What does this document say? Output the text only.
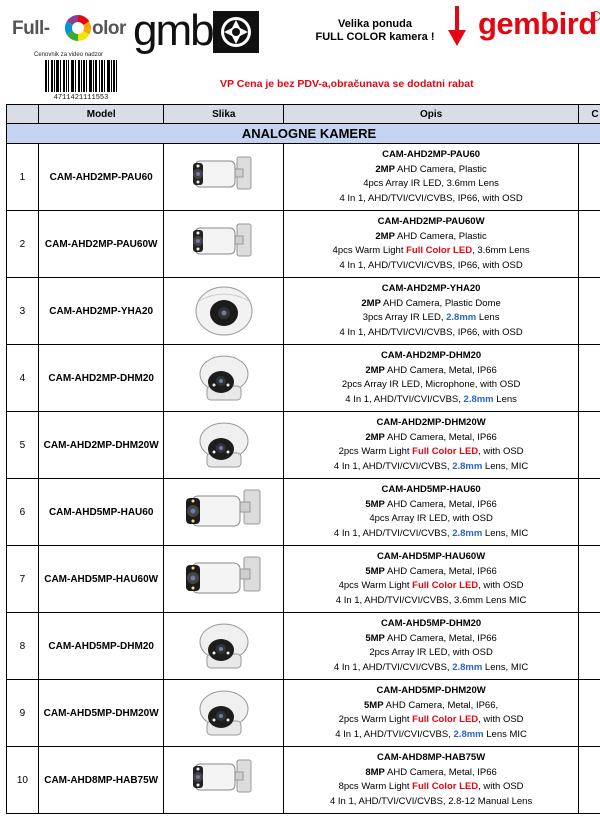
Full- olor
Cenovnik za video nadzor
4711421111553
gmb	Velika ponuda
FULL COLOR kamera !	gembird
VP Cena je bez PDV-a,obračunava se dodatni rabat
Model	Slika	Opis	C
ANALOGNE KAMERE
1	CAM-AHD2MP-PAU60
CAM-AHD2MP-PAU60
2MP AHD Camera, Plastic
4pcs Array IR LED, 3.6mm Lens
4 In 1, AHD/TVI/CVI/CVBS, IP66, with OSD
2	CAM-AHD2MP-PAU60W
CAM-AHD2MP-PAU60W
2MP AHD Camera, Plastic
4pcs Warm Light Full Color LED, 3.6mm Lens
4 In 1, AHD/TVI/CVI/CVBS, IP66, with OSD
3	CAM-AHD2MP-YHA20
CAM-AHD2MP-YHA20
2MP AHD Camera, Plastic Dome
3pcs Array IR LED, 2.8mm Lens
4 In 1, AHD/TVI/CVI/CVBS, IP66, with OSD
4	CAM-AHD2MP-DHM20
CAM-AHD2MP-DHM20
2MP AHD Camera, Metal, IP66
2pcs Array IR LED, Microphone, with OSD
4 In 1, AHD/TVI/CVI/CVBS, 2.8mm Lens
5	CAM-AHD2MP-DHM20W
CAM-AHD2MP-DHM20W
2MP AHD Camera, Metal, IP66
2pcs Warm Light Full Color LED, with OSD
4 In 1, AHD/TVI/CVI/CVBS, 2.8mm Lens, MIC
6	CAM-AHD5MP-HAU60
CAM-AHD5MP-HAU60
5MP AHD Camera, Metal, IP66
4pcs Array IR LED, with OSD
4 In 1, AHD/TVI/CVI/CVBS, 2.8mm Lens, MIC
7	CAM-AHD5MP-HAU60W
CAM-AHD5MP-HAU60W
5MP AHD Camera, Metal, IP66
4pcs Warm Light Full Color LED, with OSD
4 In 1, AHD/TVI/CVI/CVBS, 3.6mm Lens MIC
8	CAM-AHD5MP-DHM20
CAM-AHD5MP-DHM20
5MP AHD Camera, Metal, IP66
2pcs Array IR LED, with OSD
4 In 1, AHD/TVI/CVI/CVBS, 2.8mm Lens, MIC
9	CAM-AHD5MP-DHM20W
CAM-AHD5MP-DHM20W
5MP AHD Camera, Metal, IP66,
2pcs Warm Light Full Color LED, with OSD
4 In 1, AHD/TVI/CVI/CVBS, 2.8mm Lens MIC
10	CAM-AHD8MP-HAB75W
CAM-AHD8MP-HAB75W
8MP AHD Camera, Metal, IP66
8pcs Warm Light Full Color LED, with OSD
4 In 1, AHD/TVI/CVI/CVBS, 2.8-12 Manual Lens
